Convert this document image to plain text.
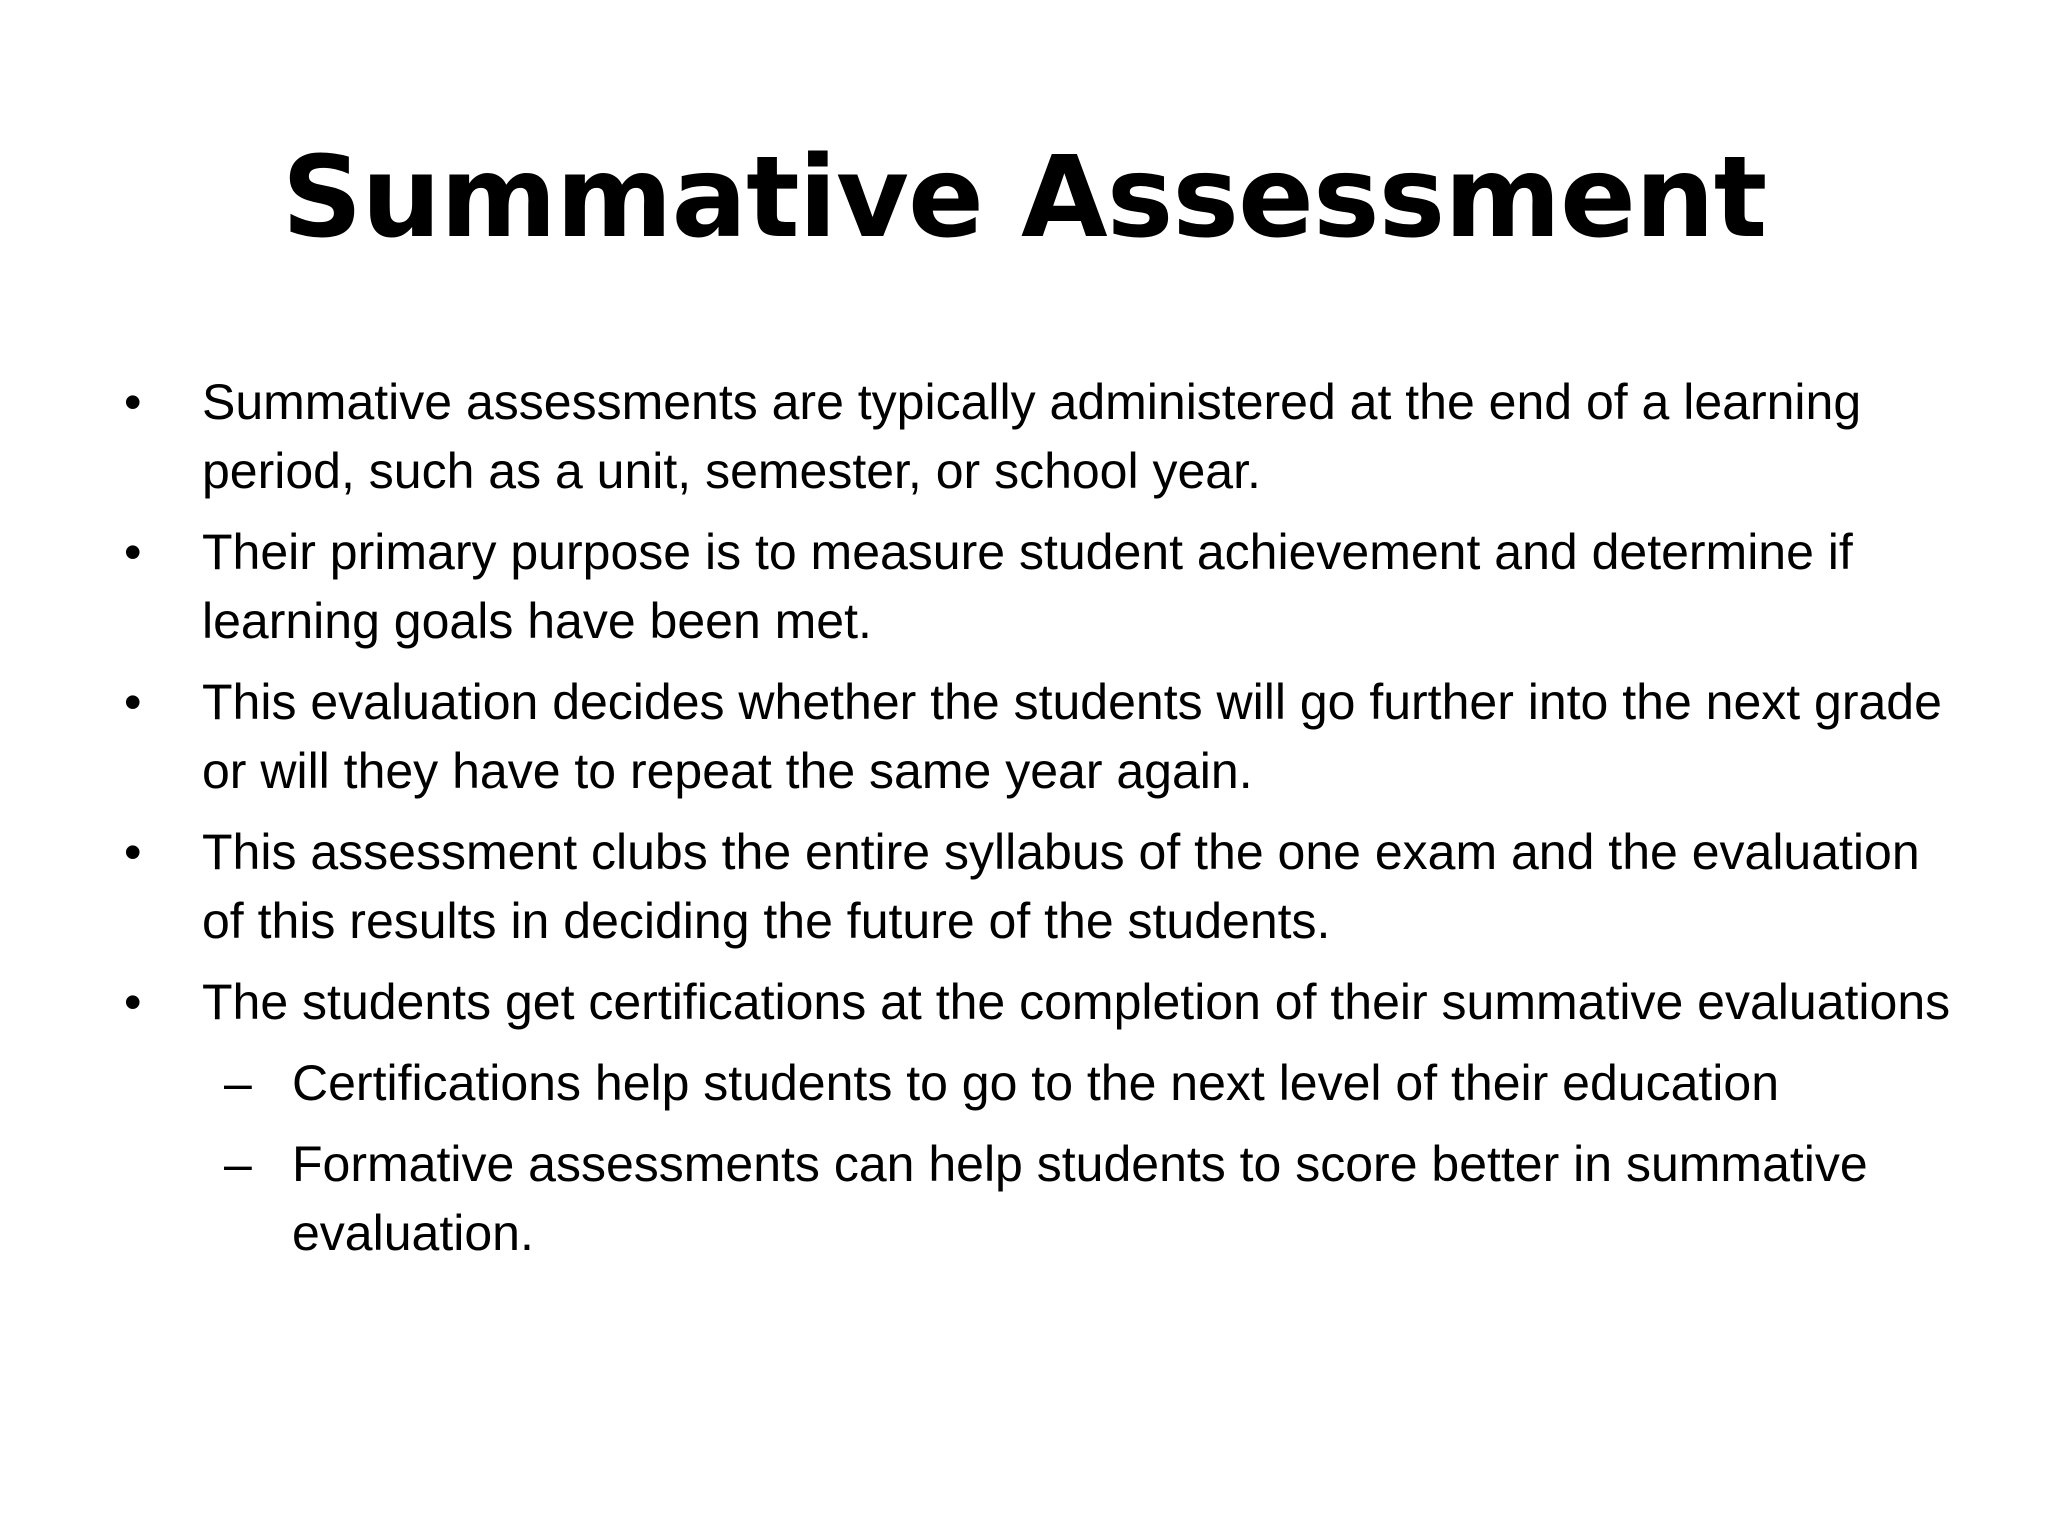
Summative Assessment
•	Summative assessments are typically administered at the end of a learning period, such as a unit, semester, or school year.
•	Their primary purpose is to measure student achievement and determine if learning goals have been met.
•	This evaluation decides whether the students will go further into the next grade or will they have to repeat the same year again.
•	This assessment clubs the entire syllabus of the one exam and the evaluation of this results in deciding the future of the students.
•	The students get certifications at the completion of their summative evaluations
– Certifications help students to go to the next level of their education
– Formative assessments can help students to score better in summative evaluation.
